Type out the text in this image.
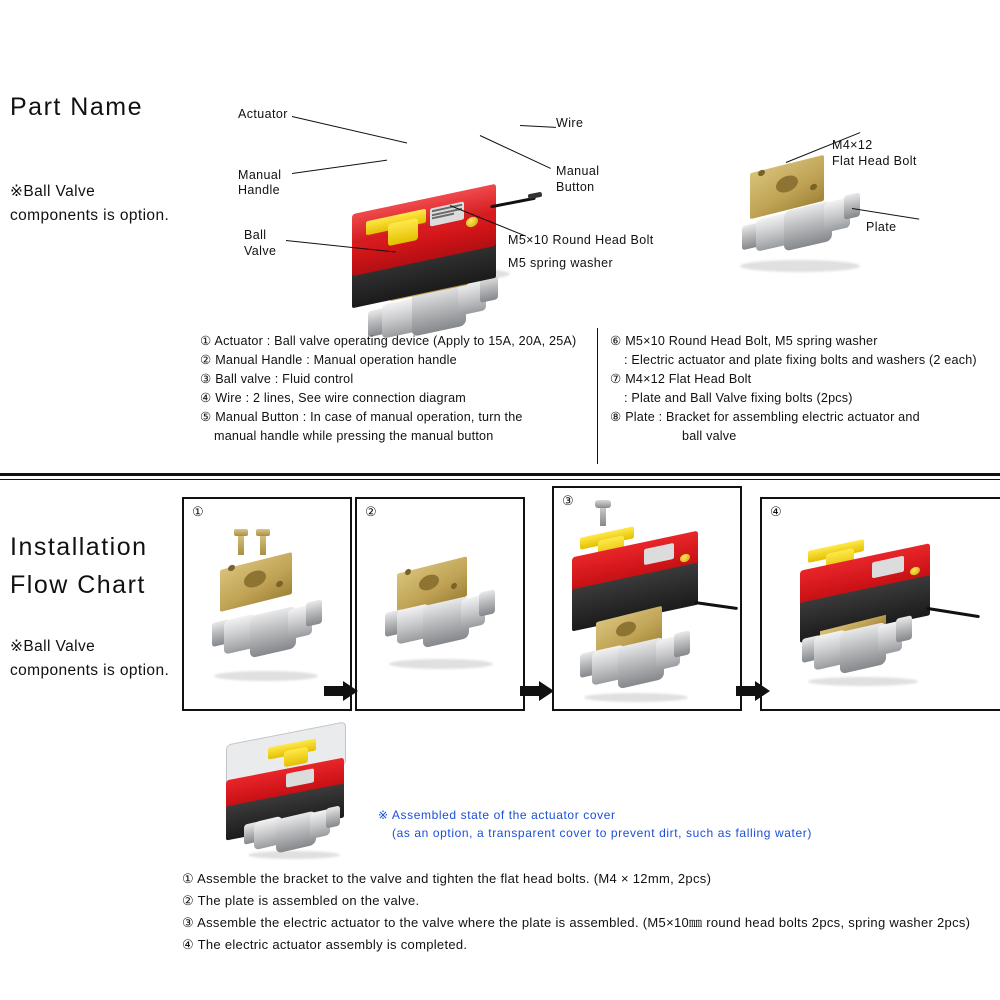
Part Name
※Ball Valve components is option.
Actuator
Manual
Handle
Ball
Valve
Wire
Manual
Button
M5×10 Round Head Bolt
M5 spring washer
M4×12
Flat Head Bolt
Plate
① Actuator : Ball valve operating device (Apply to 15A, 20A, 25A)
② Manual Handle : Manual operation handle
③ Ball valve : Fluid control
④ Wire : 2 lines, See wire connection diagram
⑤ Manual Button : In case of manual operation, turn the
manual handle while pressing the manual button
⑥ M5×10 Round Head Bolt, M5 spring washer
: Electric actuator and plate fixing bolts and washers (2 each)
⑦ M4×12 Flat Head Bolt
: Plate and Ball Valve fixing bolts (2pcs)
⑧ Plate : Bracket for assembling electric actuator and
ball valve
Installation
Flow Chart
※Ball Valve components is option.
①	②
③
④
※ Assembled state of the actuator cover
(as an option, a transparent cover to prevent dirt, such as falling water)
① Assemble the bracket to the valve and tighten the flat head bolts. (M4 × 12mm, 2pcs)
② The plate is assembled on the valve.
③ Assemble the electric actuator to the valve where the plate is assembled. (M5×10㎜ round head bolts 2pcs, spring washer 2pcs)
④ The electric actuator assembly is completed.
